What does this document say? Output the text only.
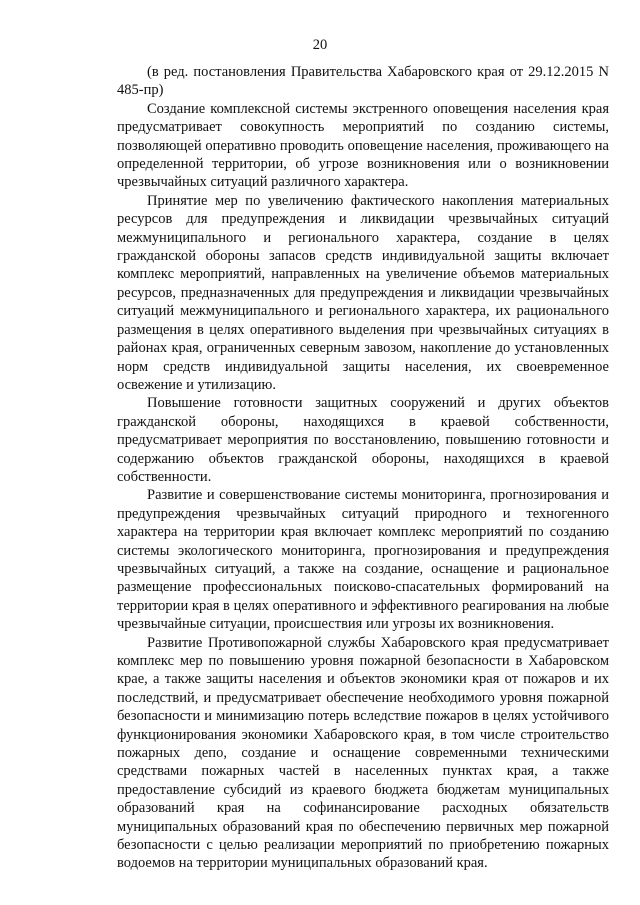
20

(в ред. постановления Правительства Хабаровского края от 29.12.2015 N 485-пр)

Создание комплексной системы экстренного оповещения населения края предусматривает совокупность мероприятий по созданию системы, позволяющей оперативно проводить оповещение населения, проживающего на определенной территории, об угрозе возникновения или о возникновении чрезвычайных ситуаций различного характера.

Принятие мер по увеличению фактического накопления материальных ресурсов для предупреждения и ликвидации чрезвычайных ситуаций межмуниципального и регионального характера, создание в целях гражданской обороны запасов средств индивидуальной защиты включает комплекс мероприятий, направленных на увеличение объемов материальных ресурсов, предназначенных для предупреждения и ликвидации чрезвычайных ситуаций межмуниципального и регионального характера, их рационального размещения в целях оперативного выделения при чрезвычайных ситуациях в районах края, ограниченных северным завозом, накопление до установленных норм средств индивидуальной защиты населения, их своевременное освежение и утилизацию.

Повышение готовности защитных сооружений и других объектов гражданской обороны, находящихся в краевой собственности, предусматривает мероприятия по восстановлению, повышению готовности и содержанию объектов гражданской обороны, находящихся в краевой собственности.

Развитие и совершенствование системы мониторинга, прогнозирования и предупреждения чрезвычайных ситуаций природного и техногенного характера на территории края включает комплекс мероприятий по созданию системы экологического мониторинга, прогнозирования и предупреждения чрезвычайных ситуаций, а также на создание, оснащение и рациональное размещение профессиональных поисково-спасательных формирований на территории края в целях оперативного и эффективного реагирования на любые чрезвычайные ситуации, происшествия или угрозы их возникновения.

Развитие Противопожарной службы Хабаровского края предусматривает комплекс мер по повышению уровня пожарной безопасности в Хабаровском крае, а также защиты населения и объектов экономики края от пожаров и их последствий, и предусматривает обеспечение необходимого уровня пожарной безопасности и минимизацию потерь вследствие пожаров в целях устойчивого функционирования экономики Хабаровского края, в том числе строительство пожарных депо, создание и оснащение современными техническими средствами пожарных частей в населенных пунктах края, а также предоставление субсидий из краевого бюджета бюджетам муниципальных образований края на софинансирование расходных обязательств муниципальных образований края по обеспечению первичных мер пожарной безопасности с целью реализации мероприятий по приобретению пожарных водоемов на территории муниципальных образований края.
